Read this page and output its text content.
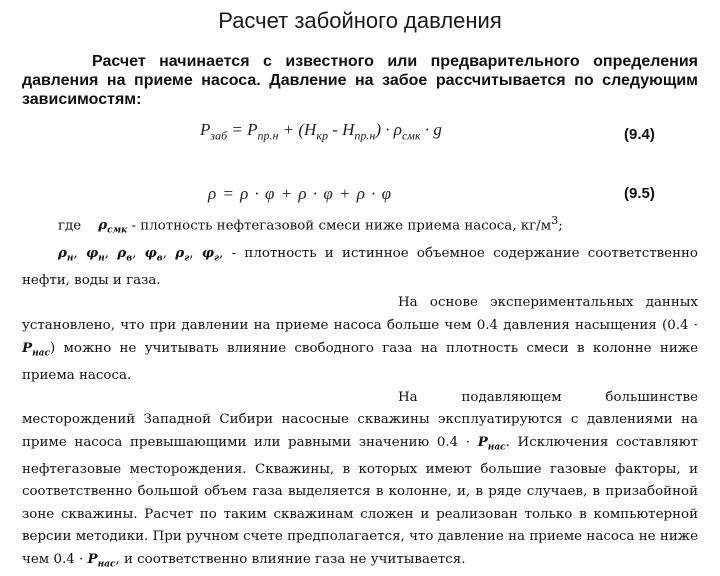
Расчет забойного давления
Расчет начинается с известного или предварительного определения давления на приеме насоса. Давление на забое рассчитывается по следующим зависимостям:
$P_{заб} = P_{пр.н} + (H_{кр} - H_{пр.н}) \cdot \rho_{смк} \cdot g$	(9.4)
ρ = ρ · φ + ρ · φ + ρ · φ	(9.5)

где $\rho_{смк}$ - плотность нефтегазовой смеси ниже приема насоса, $кг/м^3$;

$\rho_н$, $\varphi_н$, $\rho_в$, $\varphi_в$, $\rho_г$, $\varphi_г$, - плотность и истинное объемное содержание соответственно нефти, воды и газа.

На основе экспериментальных данных установлено, что при давлении на приеме насоса больше чем 0.4 давления насыщения $(0.4 \cdot P_{нас})$ можно не учитывать влияние свободного газа на плотность смеси в колонне ниже приема насоса.

На подавляющем большинстве месторождений Западной Сибири насосные скважины эксплуатируются с давлениями на приме насоса превышающими или равными значению $0.4 \cdot P_{нас}$. Исключения составляют нефтегазовые месторождения. Скважины, в которых имеют большие газовые факторы, и соответственно большой объем газа выделяется в колонне, и, в ряде случаев, в призабойной зоне скважины. Расчет по таким скважинам сложен и реализован только в компьютерной версии методики. При ручном счете предполагается, что давление на приеме насоса не ниже чем $0.4 \cdot P_{нас}$, и соответственно влияние газа не учитывается.
